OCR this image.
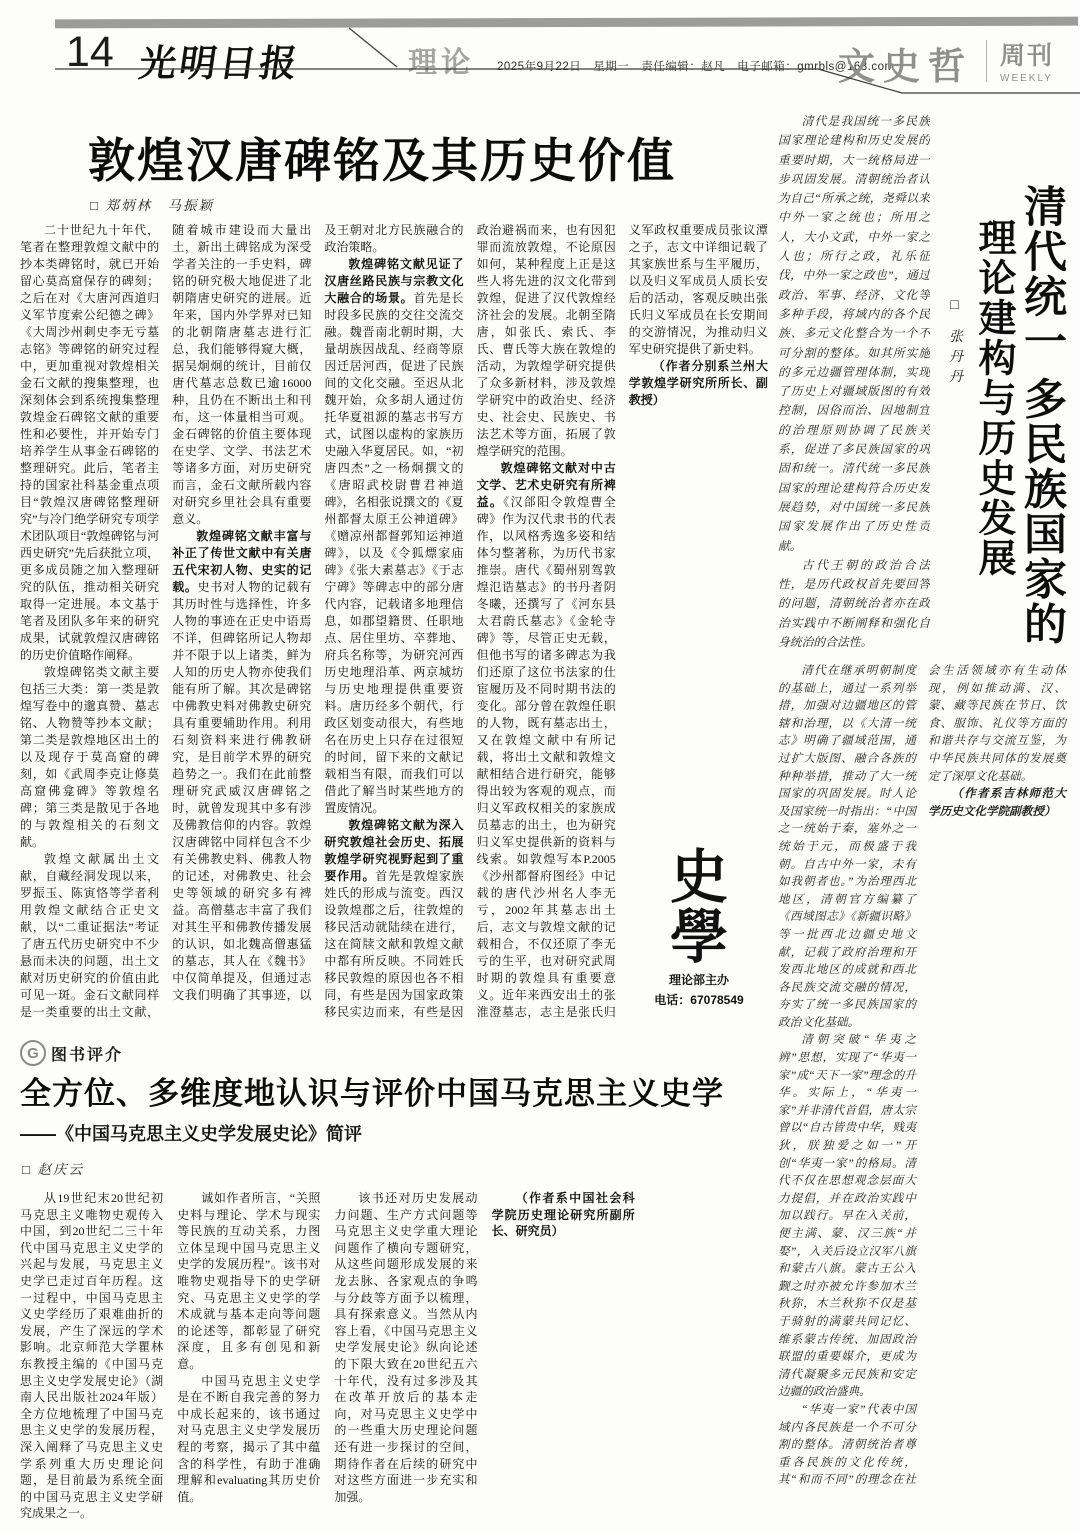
14 光明日报	理论 2025年9月22日　星期一　责任编辑：赵凡　电子邮箱：gmrbls@163.com
文史哲 周刊
WEEKLY
敦煌汉唐碑铭及其历史价值
□ 郑炳林　马振颖

二十世纪九十年代，笔者在整理敦煌文献中的抄本类碑铭时，就已开始留心莫高窟保存的碑刻；之后在对《大唐河西道归义军节度索公纪德之碑》《大周沙州刺史李无亏墓志铭》等碑铭的研究过程中，更加重视对敦煌相关金石文献的搜集整理，也深刻体会到系统搜集整理敦煌金石碑铭文献的重要性和必要性，并开始专门培养学生从事金石碑铭的整理研究。此后，笔者主持的国家社科基金重点项目“敦煌汉唐碑铭整理研究”与冷门绝学研究专项学术团队项目“敦煌碑铭与河西史研究”先后获批立项，更多成员随之加入整理研究的队伍，推动相关研究取得一定进展。本文基于笔者及团队多年来的研究成果，试就敦煌汉唐碑铭的历史价值略作阐释。

敦煌碑铭类文献主要包括三大类：第一类是敦煌写卷中的邈真赞、墓志铭、人物赞等抄本文献；第二类是敦煌地区出土的以及现存于莫高窟的碑刻，如《武周李克让修莫高窟佛龛碑》等敦煌名碑；第三类是散见于各地的与敦煌相关的石刻文献。

敦煌文献属出土文献，自藏经洞发现以来，罗振玉、陈寅恪等学者利用敦煌文献结合正史文献，以“二重证据法”考证了唐五代历史研究中不少悬而未决的问题，出土文献对历史研究的价值由此可见一斑。金石文献同样是一类重要的出土文献，随着城市建设而大量出土，新出土碑铭成为深受学者关注的一手史料，碑铭的研究极大地促进了北朝隋唐史研究的进展。近年来，国内外学界对已知的北朝隋唐墓志进行汇总，我们能够得窥大概，据吴炯炯的统计，目前仅唐代墓志总数已逾16000种，且仍在不断出土和刊布，这一体量相当可观。金石碑铭的价值主要体现在史学、文学、书法艺术等诸多方面，对历史研究而言，金石文献所载内容对研究乡里社会具有重要意义。

敦煌碑铭文献丰富与补正了传世文献中有关唐五代宋初人物、史实的记载。史书对人物的记载有其历时性与选择性，许多人物的事迹在正史中语焉不详，但碑铭所记人物却并不限于以上诸类，鲜为人知的历史人物亦使我们能有所了解。其次是碑铭中佛教史料对佛教史研究具有重要辅助作用。利用石刻资料来进行佛教研究，是目前学术界的研究趋势之一。我们在此前整理研究武威汉唐碑铭之时，就曾发现其中多有涉及佛教信仰的内容。敦煌汉唐碑铭中同样包含不少有关佛教史料、佛教人物的记述，对佛教史、社会史等领域的研究多有裨益。高僧墓志丰富了我们对其生平和佛教传播发展的认识，如北魏高僧惠猛的墓志，其人在《魏书》中仅简单提及，但通过志文我们明确了其事迹，以及王朝对北方民族融合的政治策略。

敦煌碑铭文献见证了汉唐丝路民族与宗教文化大融合的场景。首先是长时段多民族的交往交流交融。魏晋南北朝时期，大量胡族因战乱、经商等原因迁居河西，促进了民族间的文化交融。至迟从北魏开始，众多胡人通过仿托华夏祖源的墓志书写方式，试图以虚构的家族历史融入华夏居民。如，“初唐四杰”之一杨炯撰文的《唐昭武校尉曹君神道碑》，名相张说撰文的《夏州都督太原王公神道碑》《赠凉州都督郭知运神道碑》，以及《令狐熛家庙碑》《张大素墓志》《于志宁碑》等碑志中的部分唐代内容，记载诸多地理信息，如郡望籍贯、任职地点、居住里坊、卒葬地、府兵名称等，为研究河西历史地理沿革、两京城坊与历史地理提供重要资料。唐历经多个朝代，行政区划变动很大，有些地名在历史上只存在过很短的时间，留下来的文献记载相当有限，而我们可以借此了解当时某些地方的置废情况。

敦煌碑铭文献为深入研究敦煌社会历史、拓展敦煌学研究视野起到了重要作用。首先是敦煌家族姓氏的形成与流变。西汉设敦煌郡之后，往敦煌的移民活动就陆续在进行，这在简牍文献和敦煌文献中都有所反映。不同姓氏移民敦煌的原因也各不相同，有些是因为国家政策移民实边而来，有些是因政治避祸而来，也有因犯罪而流放敦煌，不论原因如何，某种程度上正是这些人将先进的汉文化带到敦煌，促进了汉代敦煌经济社会的发展。北朝至隋唐，如张氏、索氏、李氏、曹氏等大族在敦煌的活动，为敦煌学研究提供了众多新材料，涉及敦煌学研究中的政治史、经济史、社会史、民族史、书法艺术等方面，拓展了敦煌学研究的范围。

敦煌碑铭文献对中古文学、艺术史研究有所裨益。《汉郃阳令敦煌曹全碑》作为汉代隶书的代表作，以风格秀逸多姿和结体匀整著称，为历代书家推崇。唐代《蜀州别驾敦煌氾诰墓志》的书丹者阴冬曦，还撰写了《河东县太君蔚氏墓志》《金轮寺碑》等，尽管正史无载，但他书写的诸多碑志为我们还原了这位书法家的仕宦履历及不同时期书法的变化。部分曾在敦煌任职的人物，既有墓志出土，又在敦煌文献中有所记载，将出土文献和敦煌文献相结合进行研究，能够得出较为客观的观点，而归义军政权相关的家族成员墓志的出土，也为研究归义军史提供新的资料与线索。如敦煌写本P.2005《沙州都督府图经》中记载的唐代沙州名人李无亏，2002年其墓志出土后，志文与敦煌文献的记载相合，不仅还原了李无亏的生平，也对研究武周时期的敦煌具有重要意义。近年来西安出土的张淮澄墓志，志主是张氏归义军政权重要成员张议潭之子，志文中详细记载了其家族世系与生平履历，以及归义军成员人质长安后的活动，客观反映出张氏归义军成员在长安期间的交游情况，为推动归义军史研究提供了新史料。

（作者分别系兰州大学敦煌学研究所所长、副教授）

史
學
理论部主办
电话：67078549

清代是我国统一多民族国家理论建构和历史发展的重要时期，大一统格局进一步巩固发展。清朝统治者认为自己“所承之统，尧舜以来中外一家之统也；所用之人，大小文武，中外一家之人也；所行之政，礼乐征伐，中外一家之政也”，通过政治、军事、经济、文化等多种手段，将域内的各个民族、多元文化整合为一个不可分割的整体。如其所实施的多元边疆管理体制，实现了历史上对疆域版图的有效控制，因俗而治、因地制宜的治理原则协调了民族关系，促进了多民族国家的巩固和统一。清代统一多民族国家的理论建构符合历史发展趋势，对中国统一多民族国家发展作出了历史性贡献。

古代王朝的政治合法性，是历代政权首先要回答的问题，清朝统治者亦在政治实践中不断阐释和强化自身统治的合法性。

□ 张丹丹 清代统一 多民族国家的
理论建构与历史发展

清代在继承明朝制度的基础上，通过一系列举措，加强对边疆地区的管辖和治理，以《大清一统志》明确了疆域范围，通过扩大版图、融合各族的种种举措，推动了大一统国家的巩固发展。时人论及国家统一时指出：“中国之一统始于秦，塞外之一统始于元，而极盛于我朝。自古中外一家，未有如我朝者也。”为治理西北地区，清朝官方编纂了《西域图志》《新疆识略》等一批西北边疆史地文献，记载了政府治理和开发西北地区的成就和西北各民族交流交融的情况，夯实了统一多民族国家的政治文化基础。

清朝突破“华夷之辨”思想，实现了“华夷一家”成“天下一家”理念的升华。实际上，“华夷一家”并非清代首倡，唐太宗曾以“自古皆贵中华，贱夷狄，朕独爱之如一”开创“华夷一家”的格局。清代不仅在思想观念层面大力提倡，并在政治实践中加以践行。早在入关前，便主满、蒙、汉三族“并娶”，入关后设立汉军八旗和蒙古八旗。蒙古王公入觐之时亦被允许参加木兰秋狝，木兰秋狝不仅是基于骑射的满蒙共同记忆、维系蒙古传统、加固政治联盟的重要媒介，更成为清代凝聚多元民族和安定边疆的政治盛典。

“华夷一家”代表中国域内各民族是一个不可分割的整体。清朝统治者尊重各民族的文化传统，其“和而不同”的理念在社会生活领域亦有生动体现，例如推动满、汉、蒙、藏等民族在节日、饮食、服饰、礼仪等方面的和谐共存与交流互鉴，为中华民族共同体的发展奠定了深厚文化基础。

（作者系吉林师范大学历史文化学院副教授）

G 图书评介
全方位、多维度地认识与评价中国马克思主义史学
——《中国马克思主义史学发展史论》简评
□ 赵庆云

从19世纪末20世纪初马克思主义唯物史观传入中国，到20世纪二三十年代中国马克思主义史学的兴起与发展，马克思主义史学已走过百年历程。这一过程中，中国马克思主义史学经历了艰难曲折的发展，产生了深远的学术影响。北京师范大学瞿林东教授主编的《中国马克思主义史学发展史论》（湖南人民出版社2024年版）全方位地梳理了中国马克思主义史学的发展历程，深入阐释了马克思主义史学系列重大历史理论问题，是目前最为系统全面的中国马克思主义史学研究成果之一。

诚如作者所言，“关照史料与理论、学术与现实等民族的互动关系，力图立体呈现中国马克思主义史学的发展历程”。该书对唯物史观指导下的史学研究、马克思主义史学的学术成就与基本走向等问题的论述等，都彰显了研究深度，且多有创见和新意。

中国马克思主义史学是在不断自我完善的努力中成长起来的，该书通过对马克思主义史学发展历程的考察，揭示了其中蕴含的科学性，有助于准确理解和evaluating其历史价值。

该书还对历史发展动力问题、生产方式问题等马克思主义史学重大理论问题作了横向专题研究，从这些问题形成发展的来龙去脉、各家观点的争鸣与分歧等方面予以梳理，具有探索意义。当然从内容上看，《中国马克思主义史学发展史论》纵向论述的下限大致在20世纪五六十年代，没有过多涉及其在改革开放后的基本走向，对马克思主义史学中的一些重大历史理论问题还有进一步探讨的空间，期待作者在后续的研究中对这些方面进一步充实和加强。

（作者系中国社会科学院历史理论研究所副所长、研究员）
